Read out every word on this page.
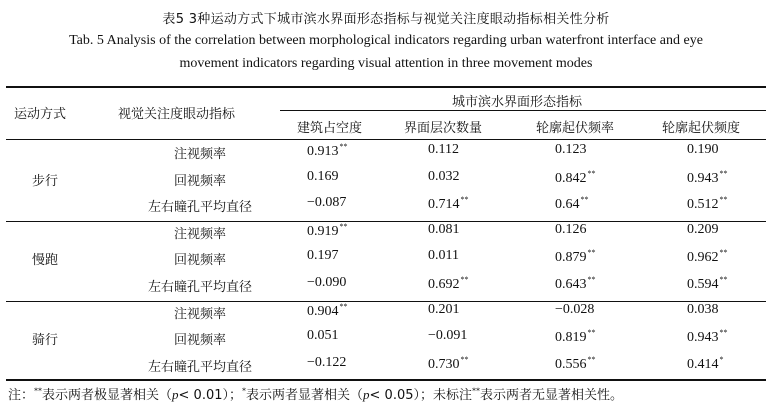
表5 3种运动方式下城市滨水界面形态指标与视觉关注度眼动指标相关性分析
Tab. 5 Analysis of the correlation between morphological indicators regarding urban waterfront interface and eye
movement indicators regarding visual attention in three movement modes
运动方式	视觉关注度眼动指标
城市滨水界面形态指标
建筑占空度	界面层次数量	轮廓起伏频率	轮廓起伏频度
步行
注视频率	0.913**	0.112	0.123	0.190
回视频率	0.169	0.032	0.842**	0.943**
左右瞳孔平均直径	−0.087	0.714**	0.64**	0.512**
慢跑
注视频率	0.919**	0.081	0.126	0.209
回视频率	0.197	0.011	0.879**	0.962**
左右瞳孔平均直径	−0.090	0.692**	0.643**	0.594**
骑行
注视频率	0.904**	0.201	−0.028	0.038
回视频率	0.051	−0.091	0.819**	0.943**
左右瞳孔平均直径	−0.122	0.730**	0.556**	0.414*
注：**表示两者极显著相关（p< 0.01）；*表示两者显著相关（p< 0.05）；未标注**表示两者无显著相关性。
